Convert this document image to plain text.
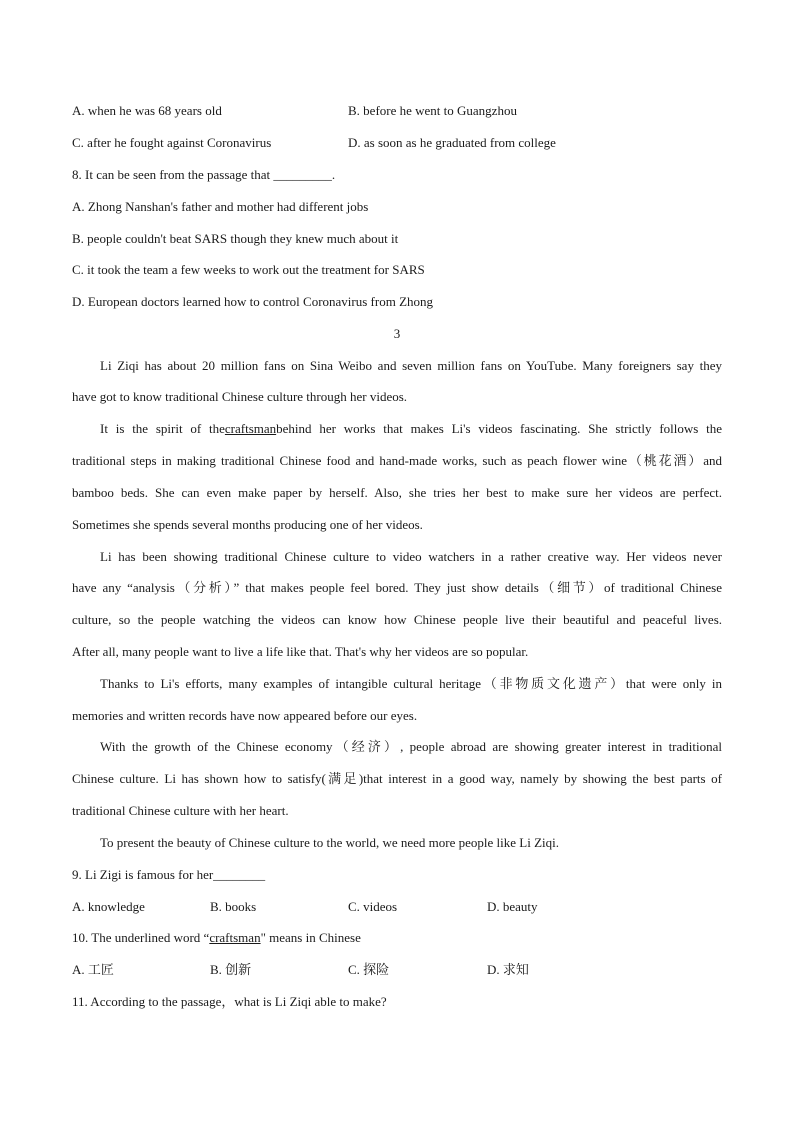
A. when he was 68 years old	B. before he went to Guangzhou
C. after he fought against Coronavirus	D. as soon as he graduated from college
8. It can be seen from the passage that _________.
A. Zhong Nanshan's father and mother had different jobs
B. people couldn't beat SARS though they knew much about it
C. it took the team a few weeks to work out the treatment for SARS
D. European doctors learned how to control Coronavirus from Zhong
3
Li Ziqi has about 20 million fans on Sina Weibo and seven million fans on YouTube. Many foreigners say they
have got to know traditional Chinese culture through her videos.
It is the spirit of thecraftsmanbehind her works that makes Li's videos fascinating. She strictly follows the
traditional steps in making traditional Chinese food and hand-made works, such as peach flower wine（桃花酒）and
bamboo beds. She can even make paper by herself. Also, she tries her best to make sure her videos are perfect.
Sometimes she spends several months producing one of her videos.
Li has been showing traditional Chinese culture to video watchers in a rather creative way. Her videos never
have any “analysis（分析）” that makes people feel bored. They just show details（细节）of traditional Chinese
culture, so the people watching the videos can know how Chinese people live their beautiful and peaceful lives.
After all, many people want to live a life like that. That's why her videos are so popular.
Thanks to Li's efforts, many examples of intangible cultural heritage（非物质文化遗产）that were only in
memories and written records have now appeared before our eyes.
With the growth of the Chinese economy（经济）, people abroad are showing greater interest in traditional
Chinese culture. Li has shown how to satisfy(满足)that interest in a good way, namely by showing the best parts of
traditional Chinese culture with her heart.
To present the beauty of Chinese culture to the world, we need more people like Li Ziqi.
9. Li Zigi is famous for her________
A. knowledge	B. books	C. videos	D. beauty
10. The underlined word “craftsman" means in Chinese
A. 工匠	B. 创新	C. 探险	D. 求知
11. According to the passage，what is Li Ziqi able to make?
